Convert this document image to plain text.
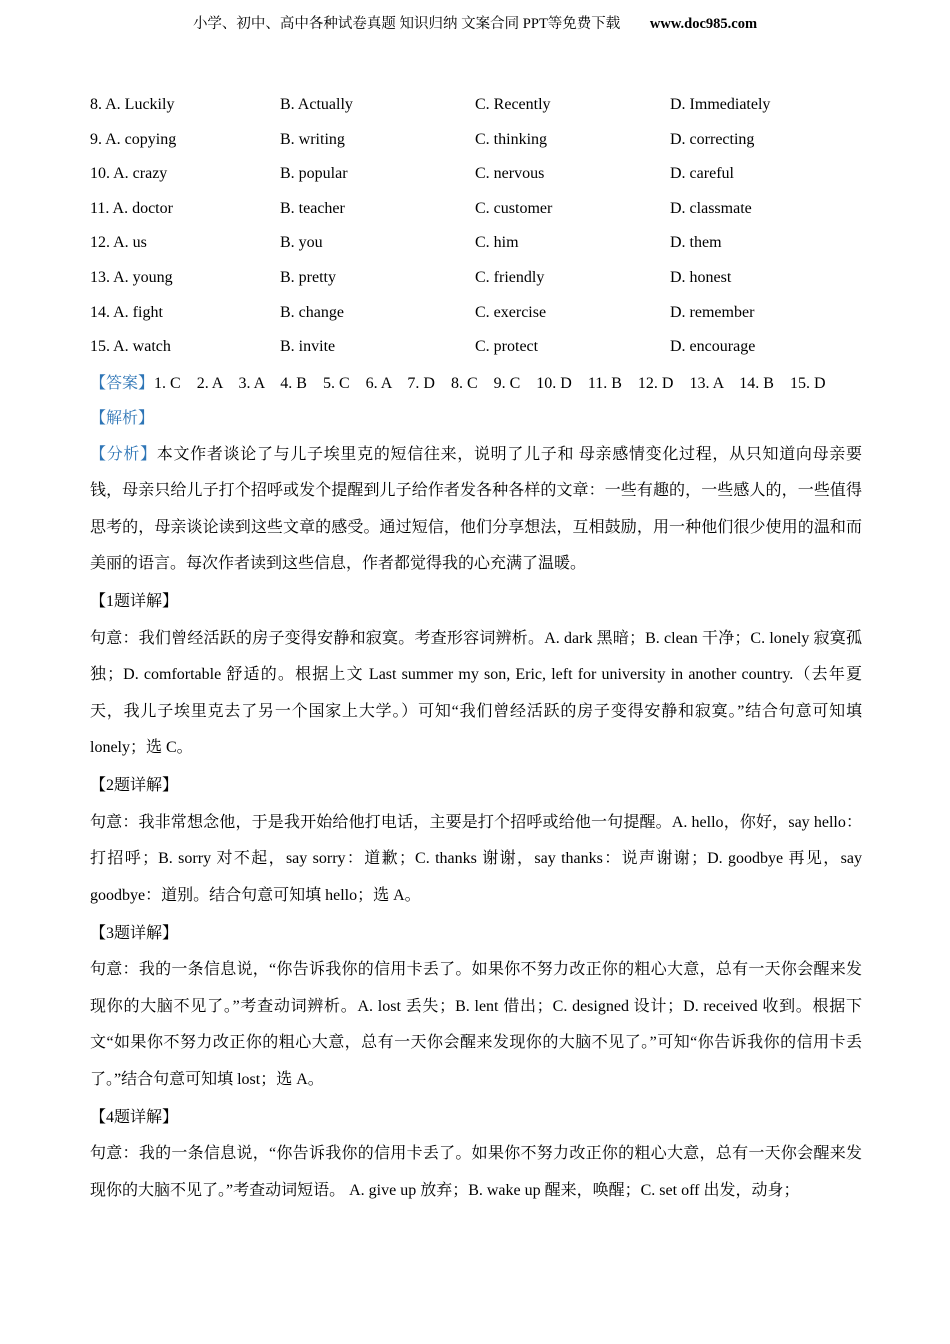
小学、初中、高中各种试卷真题 知识归纳 文案合同 PPT等免费下载 www.doc985.com
8. A. Luckily	B. Actually	C. Recently	D. Immediately
9. A. copying	B. writing	C. thinking	D. correcting
10. A. crazy	B. popular	C. nervous	D. careful
11. A. doctor	B. teacher	C. customer	D. classmate
12. A. us	B. you	C. him	D. them
13. A. young	B. pretty	C. friendly	D. honest
14. A. fight	B. change	C. exercise	D. remember
15. A. watch	B. invite	C. protect	D. encourage

【答案】1. C　2. A　3. A　4. B　5. C　6. A　7. D　8. C　9. C　10. D　11. B　12. D　13. A　14. B　15. D

【解析】

【分析】本文作者谈论了与儿子埃里克的短信往来，说明了儿子和 母亲感情变化过程，从只知道向母亲要钱，母亲只给儿子打个招呼或发个提醒到儿子给作者发各种各样的文章：一些有趣的，一些感人的，一些值得思考的，母亲谈论读到这些文章的感受。通过短信，他们分享想法，互相鼓励，用一种他们很少使用的温和而美丽的语言。每次作者读到这些信息，作者都觉得我的心充满了温暖。

【1题详解】

句意：我们曾经活跃的房子变得安静和寂寞。考查形容词辨析。A. dark 黑暗；B. clean 干净；C. lonely 寂寞孤独；D. comfortable 舒适的。根据上文 Last summer my son, Eric, left for university in another country.（去年夏天，我儿子埃里克去了另一个国家上大学。）可知“我们曾经活跃的房子变得安静和寂寞。”结合句意可知填 lonely；选 C。

【2题详解】

句意：我非常想念他，于是我开始给他打电话，主要是打个招呼或给他一句提醒。A. hello，你好，say hello：打招呼；B. sorry 对不起，say sorry：道歉；C. thanks 谢谢，say thanks：说声谢谢；D. goodbye 再见，say goodbye：道别。结合句意可知填 hello；选 A。

【3题详解】

句意：我的一条信息说，“你告诉我你的信用卡丢了。如果你不努力改正你的粗心大意，总有一天你会醒来发现你的大脑不见了。”考查动词辨析。A. lost 丢失；B. lent 借出；C. designed 设计；D. received 收到。根据下文“如果你不努力改正你的粗心大意，总有一天你会醒来发现你的大脑不见了。”可知“你告诉我你的信用卡丢了。”结合句意可知填 lost；选 A。

【4题详解】

句意：我的一条信息说，“你告诉我你的信用卡丢了。如果你不努力改正你的粗心大意，总有一天你会醒来发现你的大脑不见了。”考查动词短语。 A. give up 放弃；B. wake up 醒来，唤醒；C. set off 出发，动身；
